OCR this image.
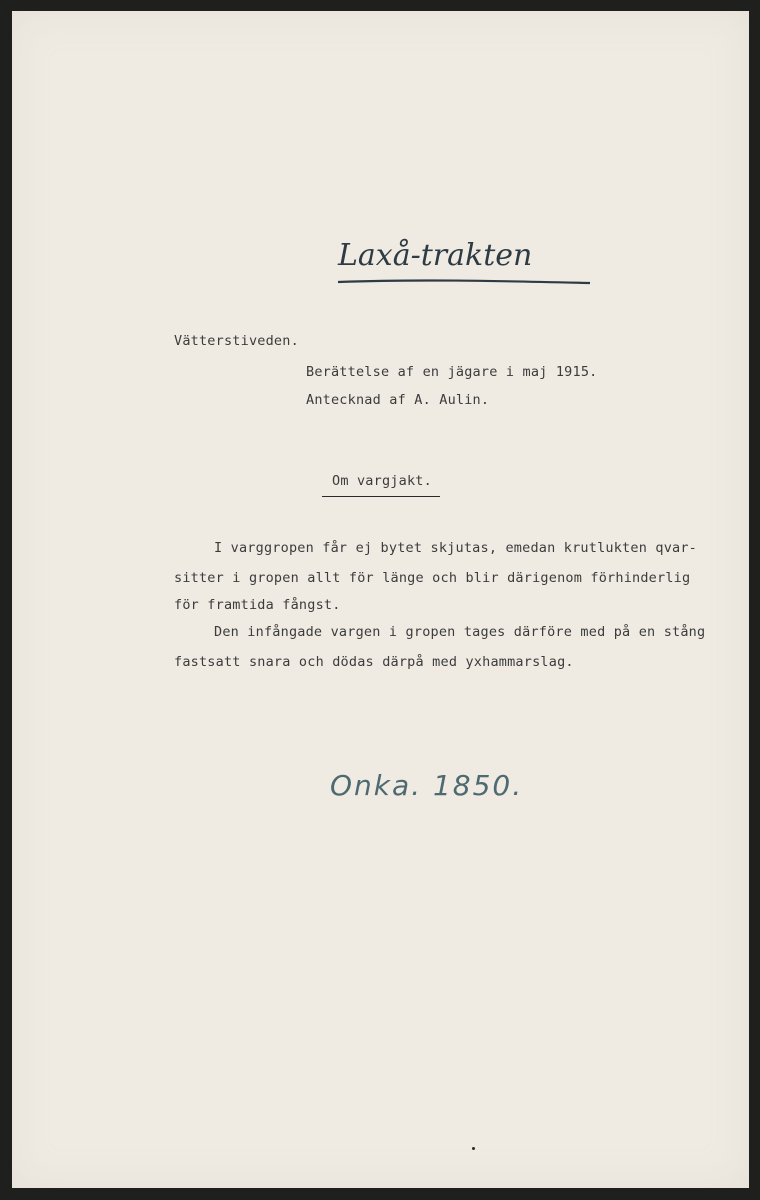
Laxå-trakten
Vätterstiveden.
Berättelse af en jägare i maj 1915.
Antecknad af A. Aulin.
Om vargjakt.
I varggropen får ej bytet skjutas, emedan krutlukten qvar-
sitter i gropen allt för länge och blir därigenom förhinderlig
för framtida fångst.
Den infångade vargen i gropen tages därföre med på en stång
fastsatt snara och dödas därpå med yxhammarslag.
Onka. 1850.
